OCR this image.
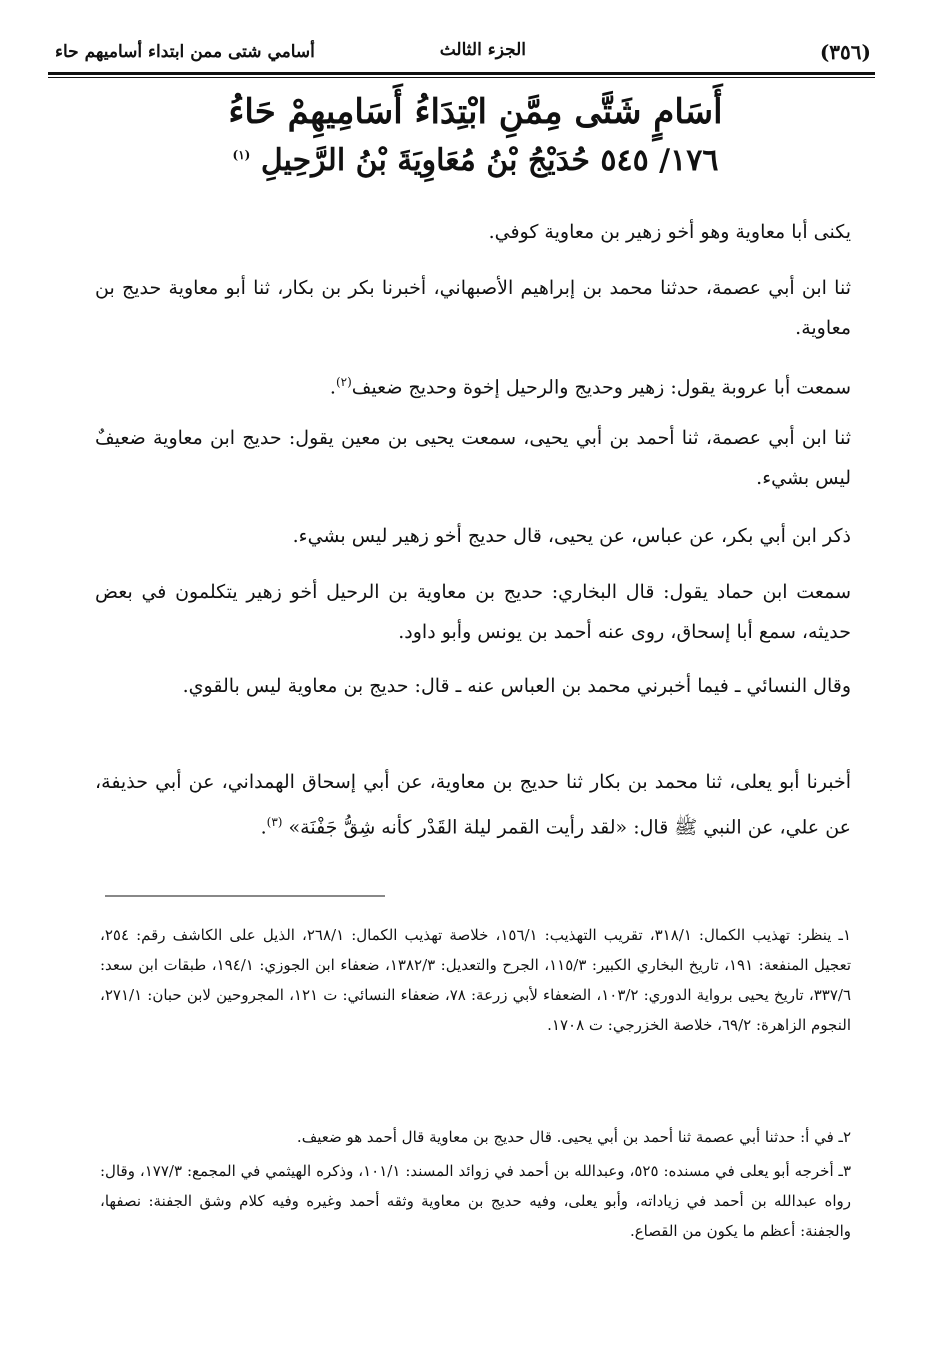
(٣٥٦)
الجزء الثالث
أسامي شتى ممن ابتداء أساميهم حاء
أَسَامٍ شَتَّى مِمَّنِ ابْتِدَاءُ أَسَامِيهِمْ حَاءُ
١٧٦/ ٥٤٥ حُدَيْجُ بْنُ مُعَاوِيَةَ بْنُ الرَّحِيلِ $^{(١)}$
يكنى أبا معاوية وهو أخو زهير بن معاوية كوفي.
ثنا ابن أبي عصمة، حدثنا محمد بن إبراهيم الأصبهاني، أخبرنا بكر بن بكار، ثنا أبو معاوية حديج بن معاوية.
سمعت أبا عروبة يقول: زهير وحديج والرحيل إخوة وحديج ضعيف$^{(٢)}$.
ثنا ابن أبي عصمة، ثنا أحمد بن أبي يحيى، سمعت يحيى بن معين يقول: حديج ابن معاوية ضعيفٌ ليس بشيء.
ذكر ابن أبي بكر، عن عباس، عن يحيى، قال حديج أخو زهير ليس بشيء.
سمعت ابن حماد يقول: قال البخاري: حديج بن معاوية بن الرحيل أخو زهير يتكلمون في بعض حديثه، سمع أبا إسحاق، روى عنه أحمد بن يونس وأبو داود.
وقال النسائي ـ فيما أخبرني محمد بن العباس عنه ـ قال: حديج بن معاوية ليس بالقوي.
أخبرنا أبو يعلى، ثنا محمد بن بكار ثنا حديج بن معاوية، عن أبي إسحاق الهمداني، عن أبي حذيفة، عن علي، عن النبي ﷺ قال: «لقد رأيت القمر ليلة القَدْر كأنه شِقُّ جَفْنَة» $^{(٣)}$.
١ـ ينظر: تهذيب الكمال: ٣١٨/١، تقريب التهذيب: ١٥٦/١، خلاصة تهذيب الكمال: ٢٦٨/١، الذيل على الكاشف رقم: ٢٥٤، تعجيل المنفعة: ١٩١، تاريخ البخاري الكبير: ١١٥/٣، الجرح والتعديل: ١٣٨٢/٣، ضعفاء ابن الجوزي: ١٩٤/١، طبقات ابن سعد: ٣٣٧/٦، تاريخ يحيى برواية الدوري: ١٠٣/٢، الضعفاء لأبي زرعة: ٧٨، ضعفاء النسائي: ت ١٢١، المجروحين لابن حبان: ٢٧١/١، النجوم الزاهرة: ٦٩/٢، خلاصة الخزرجي: ت ١٧٠٨.
٢ـ في أ: حدثنا أبي عصمة ثنا أحمد بن أبي يحيى. قال حديج بن معاوية قال أحمد هو ضعيف.
٣ـ أخرجه أبو يعلى في مسنده: ٥٢٥، وعبدالله بن أحمد في زوائد المسند: ١٠١/١، وذكره الهيثمي في المجمع: ١٧٧/٣، وقال: رواه عبدالله بن أحمد في زياداته، وأبو يعلى، وفيه حديج بن معاوية وثقه أحمد وغيره وفيه كلام وشق الجفنة: نصفها، والجفنة: أعظم ما يكون من القصاع.
